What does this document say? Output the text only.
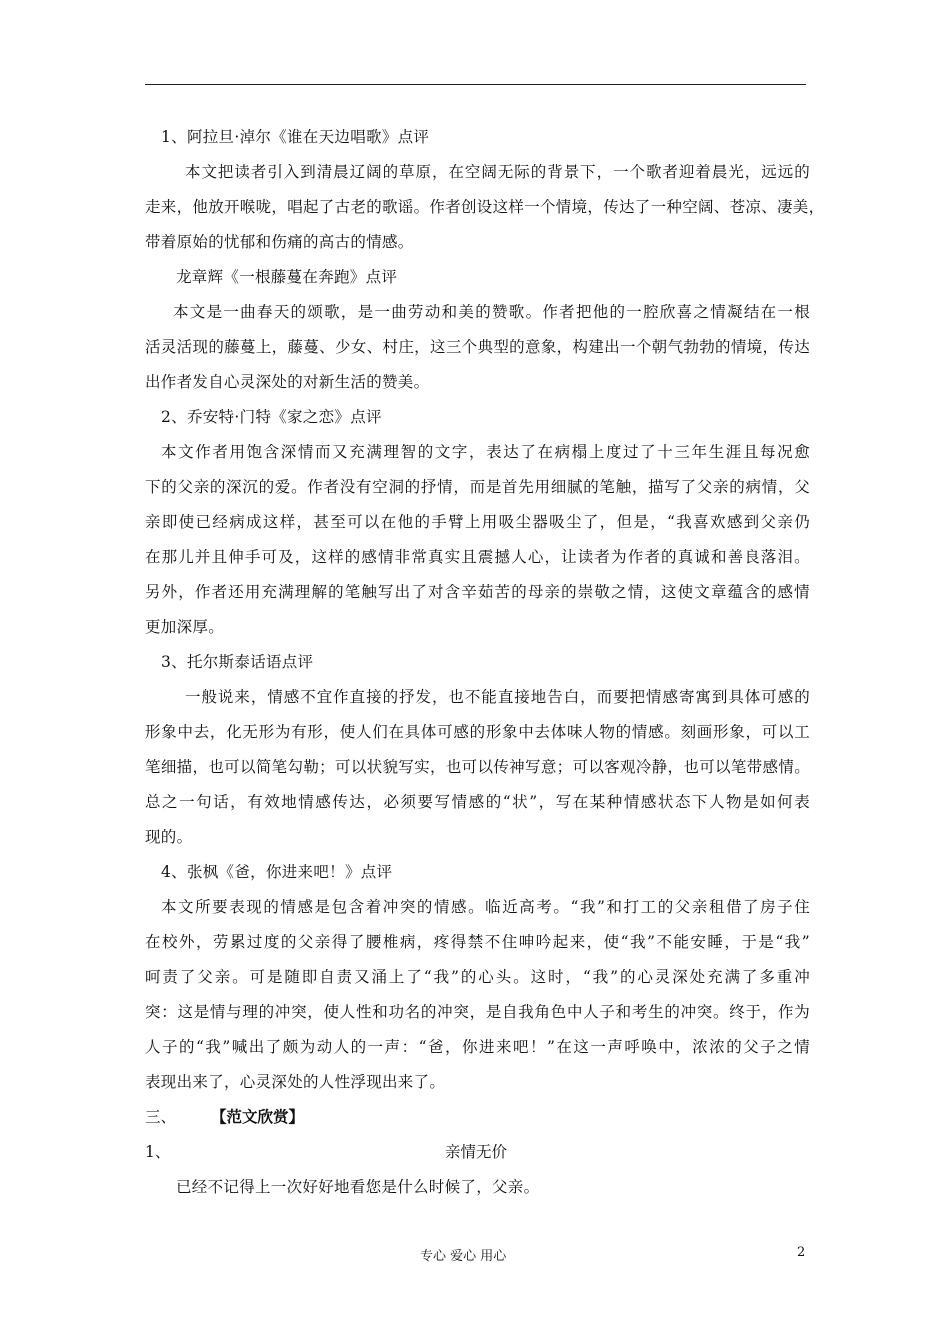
1、阿拉旦·淖尔《谁在天边唱歌》点评
本文把读者引入到清晨辽阔的草原，在空阔无际的背景下，一个歌者迎着晨光，远远的
走来，他放开喉咙，唱起了古老的歌谣。作者创设这样一个情境，传达了一种空阔、苍凉、凄美，
带着原始的忧郁和伤痛的高古的情感。
龙章辉《一根藤蔓在奔跑》点评
本文是一曲春天的颂歌，是一曲劳动和美的赞歌。作者把他的一腔欣喜之情凝结在一根
活灵活现的藤蔓上，藤蔓、少女、村庄，这三个典型的意象，构建出一个朝气勃勃的情境，传达
出作者发自心灵深处的对新生活的赞美。
2、乔安特·门特《家之恋》点评
本文作者用饱含深情而又充满理智的文字，表达了在病榻上度过了十三年生涯且每况愈
下的父亲的深沉的爱。作者没有空洞的抒情，而是首先用细腻的笔触，描写了父亲的病情，父
亲即使已经病成这样，甚至可以在他的手臂上用吸尘器吸尘了，但是，“我喜欢感到父亲仍
在那儿并且伸手可及，这样的感情非常真实且震撼人心，让读者为作者的真诚和善良落泪。
另外，作者还用充满理解的笔触写出了对含辛茹苦的母亲的崇敬之情，这使文章蕴含的感情
更加深厚。
3、托尔斯泰话语点评
一般说来，情感不宜作直接的抒发，也不能直接地告白，而要把情感寄寓到具体可感的
形象中去，化无形为有形，使人们在具体可感的形象中去体味人物的情感。刻画形象，可以工
笔细描，也可以简笔勾勒；可以状貌写实，也可以传神写意；可以客观冷静，也可以笔带感情。
总之一句话，有效地情感传达，必须要写情感的“状”，写在某种情感状态下人物是如何表
现的。
4、张枫《爸，你进来吧！》点评
本文所要表现的情感是包含着冲突的情感。临近高考。“我”和打工的父亲租借了房子住
在校外，劳累过度的父亲得了腰椎病，疼得禁不住呻吟起来，使“我”不能安睡，于是“我”
呵责了父亲。可是随即自责又涌上了“我”的心头。这时，“我”的心灵深处充满了多重冲
突：这是情与理的冲突，使人性和功名的冲突，是自我角色中人子和考生的冲突。终于，作为
人子的“我”喊出了颇为动人的一声：“爸，你进来吧！”在这一声呼唤中，浓浓的父子之情
表现出来了，心灵深处的人性浮现出来了。
三、 【范文欣赏】
1、	亲情无价
已经不记得上一次好好地看您是什么时候了，父亲。
专心 爱心 用心	2
